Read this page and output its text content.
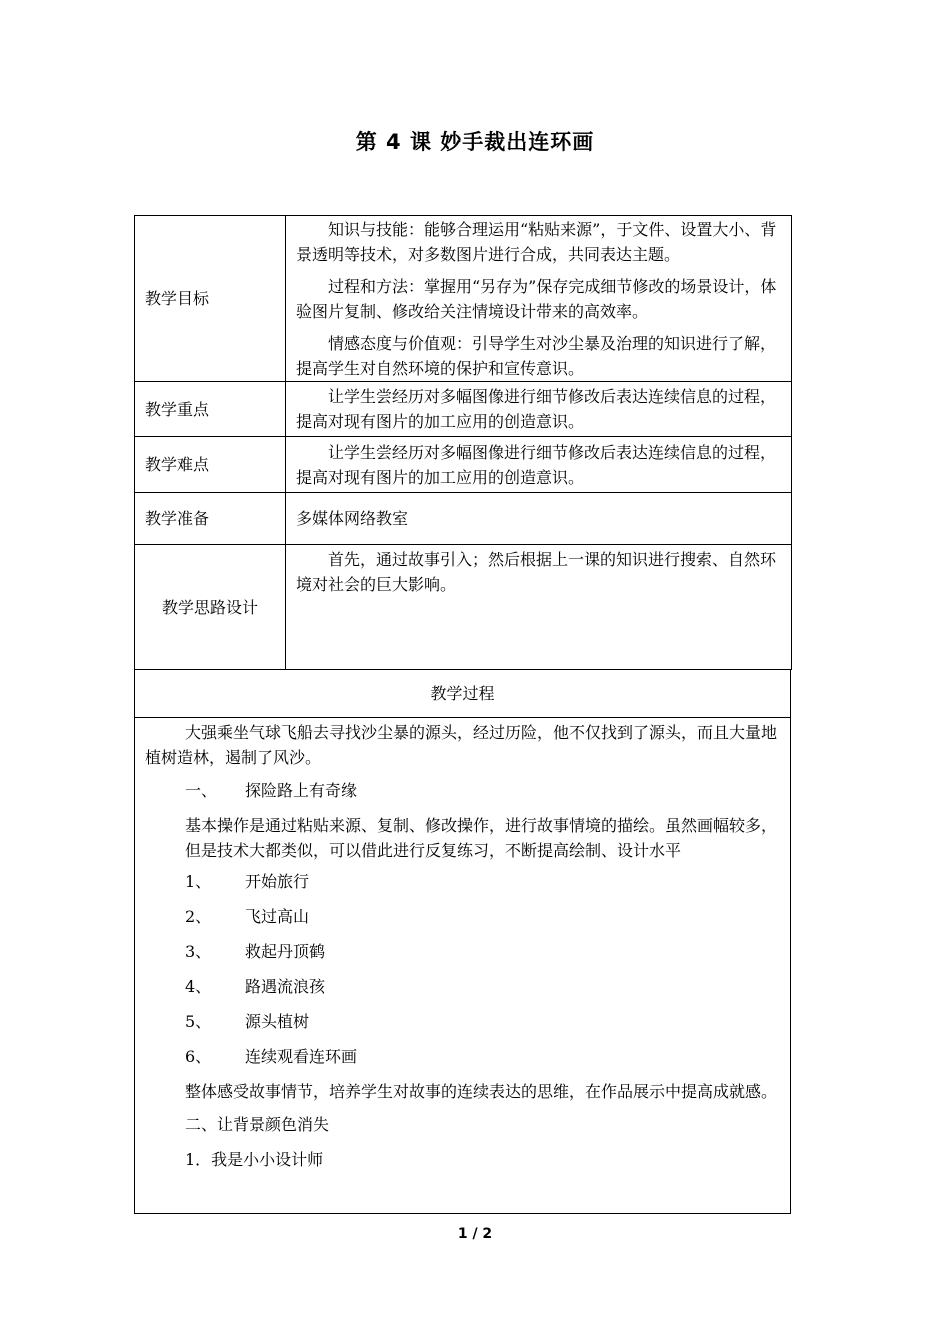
第 4 课 妙手裁出连环画
教学目标	知识与技能：能够合理运用“粘贴来源”，于文件、设置大小、背景透明等技术，对多数图片进行合成，共同表达主题。

过程和方法：掌握用“另存为”保存完成细节修改的场景设计，体验图片复制、修改给关注情境设计带来的高效率。

情感态度与价值观：引导学生对沙尘暴及治理的知识进行了解，提高学生对自然环境的保护和宣传意识。

教学重点	让学生尝经历对多幅图像进行细节修改后表达连续信息的过程，提高对现有图片的加工应用的创造意识。

教学难点	让学生尝经历对多幅图像进行细节修改后表达连续信息的过程，提高对现有图片的加工应用的创造意识。

教学准备	多媒体网络教室
教学思路设计	首先，通过故事引入；然后根据上一课的知识进行搜索、自然环境对社会的巨大影响。

教学过程

大强乘坐气球飞船去寻找沙尘暴的源头，经过历险，他不仅找到了源头，而且大量地植树造林，遏制了风沙。

一、 探险路上有奇缘

基本操作是通过粘贴来源、复制、修改操作，进行故事情境的描绘。虽然画幅较多，但是技术大都类似，可以借此进行反复练习，不断提高绘制、设计水平

1、 开始旅行
2、 飞过高山
3、 救起丹顶鹤
4、 路遇流浪孩
5、 源头植树
6、 连续观看连环画

整体感受故事情节，培养学生对故事的连续表达的思维，在作品展示中提高成就感。

二、让背景颜色消失
1．我是小小设计师
1 / 2
